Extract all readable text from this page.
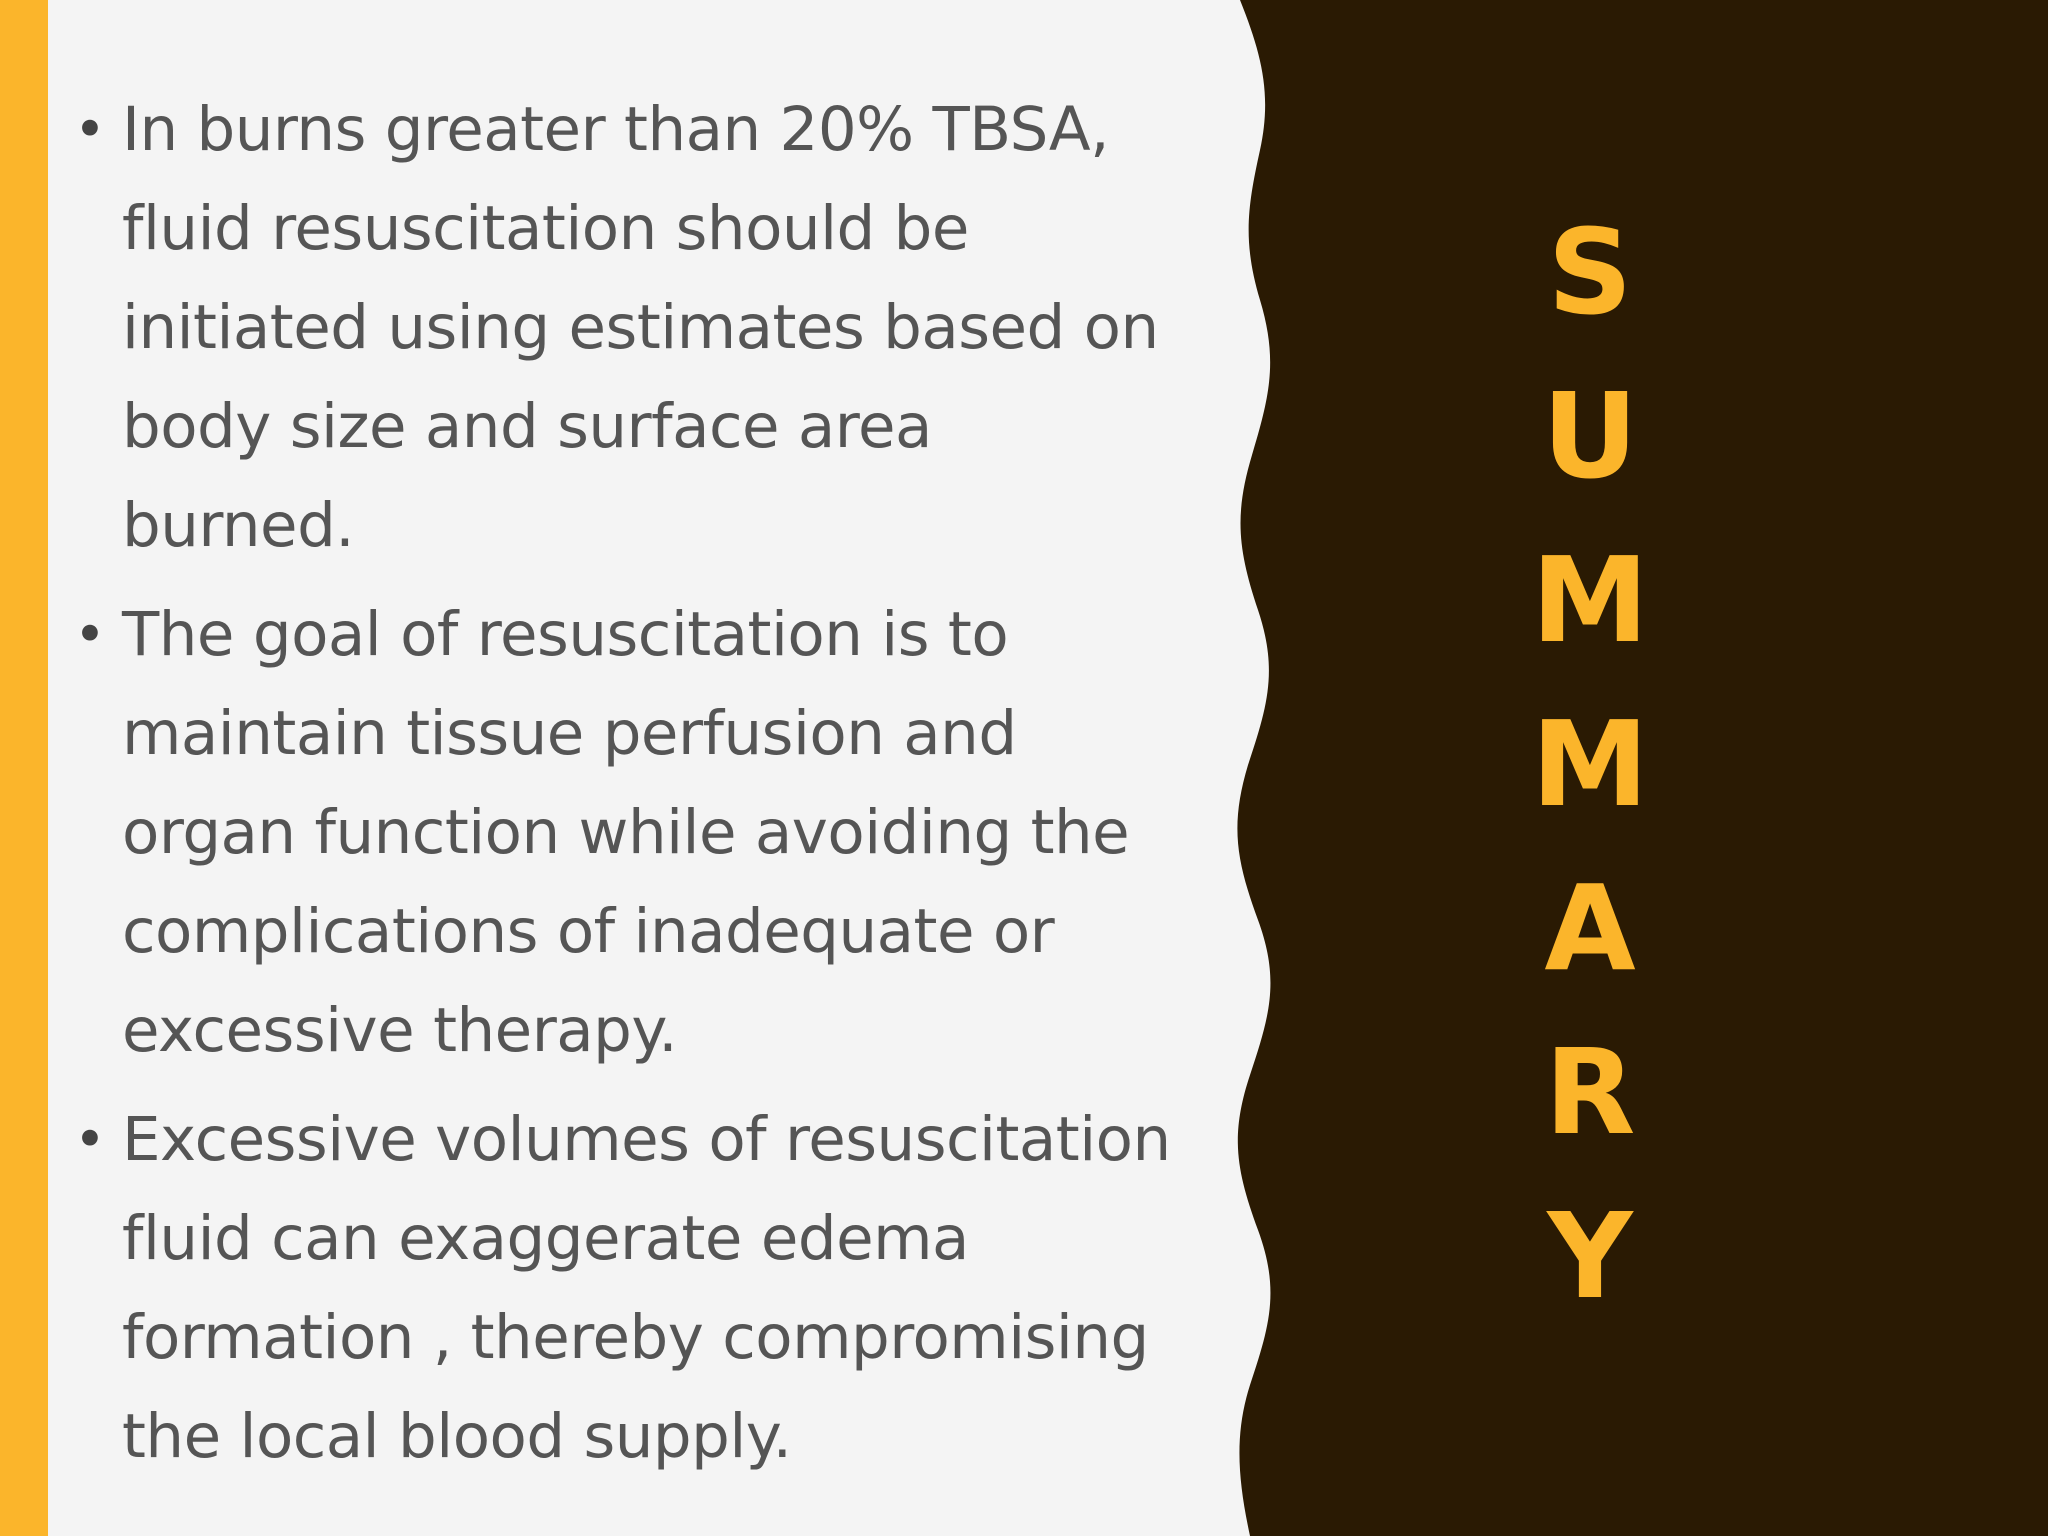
• In burns greater than 20% TBSA, fluid resuscitation should be initiated using estimates based on body size and surface area burned.
• The goal of resuscitation is to maintain tissue perfusion and organ function while avoiding the complications of inadequate or excessive therapy.
• Excessive volumes of resuscitation fluid can exaggerate edema formation , thereby compromising the local blood supply.
S
U
M
M
A
R
Y
